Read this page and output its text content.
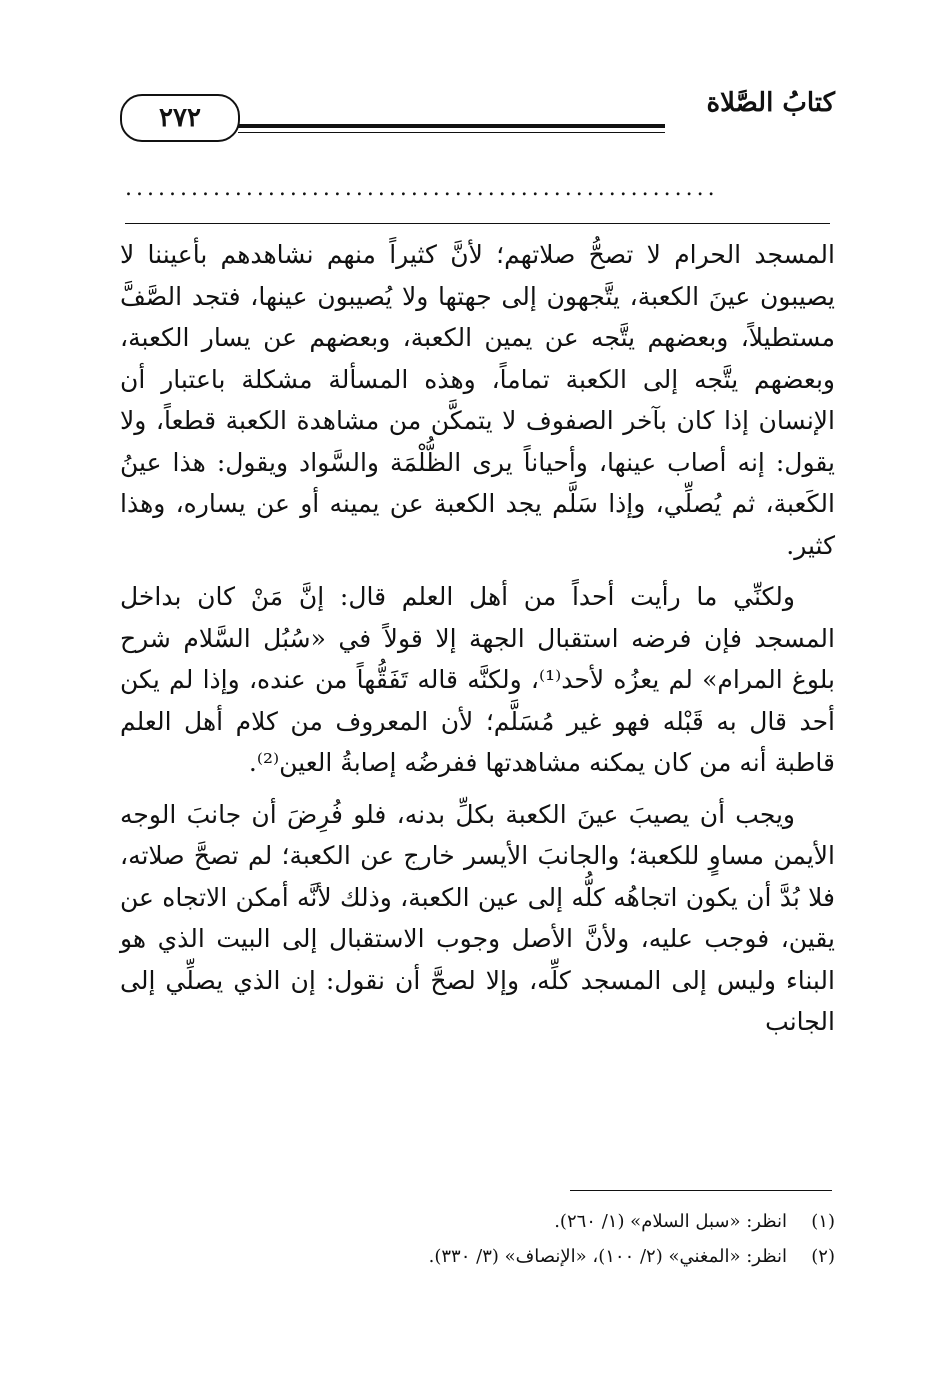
٢٧٢	كتابُ الصَّلاة
......................................................

المسجد الحرام لا تصحُّ صلاتهم؛ لأنَّ كثيراً منهم نشاهدهم بأعيننا لا يصيبون عينَ الكعبة، يتَّجهون إلى جهتها ولا يُصيبون عينها، فتجد الصَّفَّ مستطيلاً، وبعضهم يتَّجه عن يمين الكعبة، وبعضهم عن يسار الكعبة، وبعضهم يتَّجه إلى الكعبة تماماً، وهذه المسألة مشكلة باعتبار أن الإنسان إذا كان بآخر الصفوف لا يتمكَّن من مشاهدة الكعبة قطعاً، ولا يقول: إنه أصاب عينها، وأحياناً يرى الظُّلْمَة والسَّواد ويقول: هذا عينُ الكَعبة، ثم يُصلِّي، وإذا سَلَّم يجد الكعبة عن يمينه أو عن يساره، وهذا كثير.

ولكنِّي ما رأيت أحداً من أهل العلم قال: إنَّ مَنْ كان بداخل المسجد فإن فرضه استقبال الجهة إلا قولاً في «سُبُل السَّلام شرح بلوغ المرام» لم يعزُه لأحد⁽¹⁾، ولكنَّه قاله تَفَقُّهاً من عنده، وإذا لم يكن أحد قال به قَبْله فهو غير مُسَلَّم؛ لأن المعروف من كلام أهل العلم قاطبة أنه من كان يمكنه مشاهدتها ففرضُه إصابةُ العين⁽²⁾.

ويجب أن يصيبَ عينَ الكعبة بكلِّ بدنه، فلو فُرِضَ أن جانبَ الوجه الأيمن مساوٍ للكعبة؛ والجانبَ الأيسر خارج عن الكعبة؛ لم تصحَّ صلاته، فلا بُدَّ أن يكون اتجاهُه كلُّه إلى عين الكعبة، وذلك لأنَّه أمكن الاتجاه عن يقين، فوجب عليه، ولأنَّ الأصل وجوب الاستقبال إلى البيت الذي هو البناء وليس إلى المسجد كلِّه، وإلا لصحَّ أن نقول: إن الذي يصلِّي إلى الجانب

(١)
انظر: «سبل السلام» (١/ ٢٦٠).
(٢)
انظر: «المغني» (٢/ ١٠٠)، «الإنصاف» (٣/ ٣٣٠).
